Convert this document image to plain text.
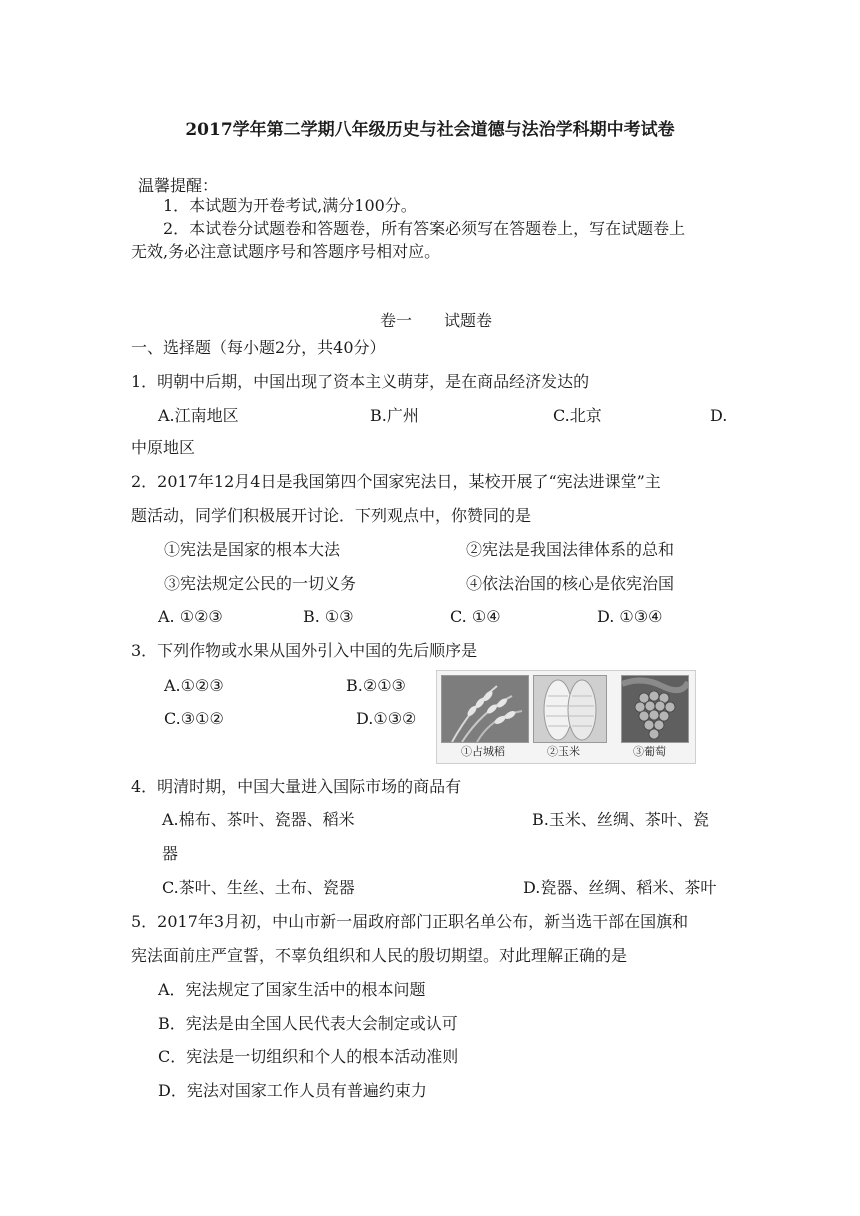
2017学年第二学期八年级历史与社会道德与法治学科期中考试卷
温馨提醒：
1．本试题为开卷考试,满分100分。
2．本试卷分试题卷和答题卷，所有答案必须写在答题卷上，写在试题卷上
无效,务必注意试题序号和答题序号相对应。
卷一　　试题卷
一、选择题（每小题2分，共40分）
1．明朝中后期，中国出现了资本主义萌芽，是在商品经济发达的
A.江南地区	B.广州	C.北京	D.
中原地区
2．2017年12月4日是我国第四个国家宪法日，某校开展了“宪法进课堂”主
题活动，同学们积极展开讨论．下列观点中，你赞同的是
①宪法是国家的根本大法	②宪法是我国法律体系的总和
③宪法规定公民的一切义务	④依法治国的核心是依宪治国
A. ①②③	B. ①③	C. ①④	D. ①③④
3．下列作物或水果从国外引入中国的先后顺序是
A.①②③	B.②①③
C.③①②	D.①③②
①占城稻	②玉米	③葡萄
4．明清时期，中国大量进入国际市场的商品有
A.棉布、茶叶、瓷器、稻米	B.玉米、丝绸、茶叶、瓷
器
C.茶叶、生丝、土布、瓷器	D.瓷器、丝绸、稻米、茶叶
5．2017年3月初，中山市新一届政府部门正职名单公布，新当选干部在国旗和
宪法面前庄严宣誓，不辜负组织和人民的殷切期望。对此理解正确的是
A．宪法规定了国家生活中的根本问题
B．宪法是由全国人民代表大会制定或认可
C．宪法是一切组织和个人的根本活动准则
D．宪法对国家工作人员有普遍约束力
